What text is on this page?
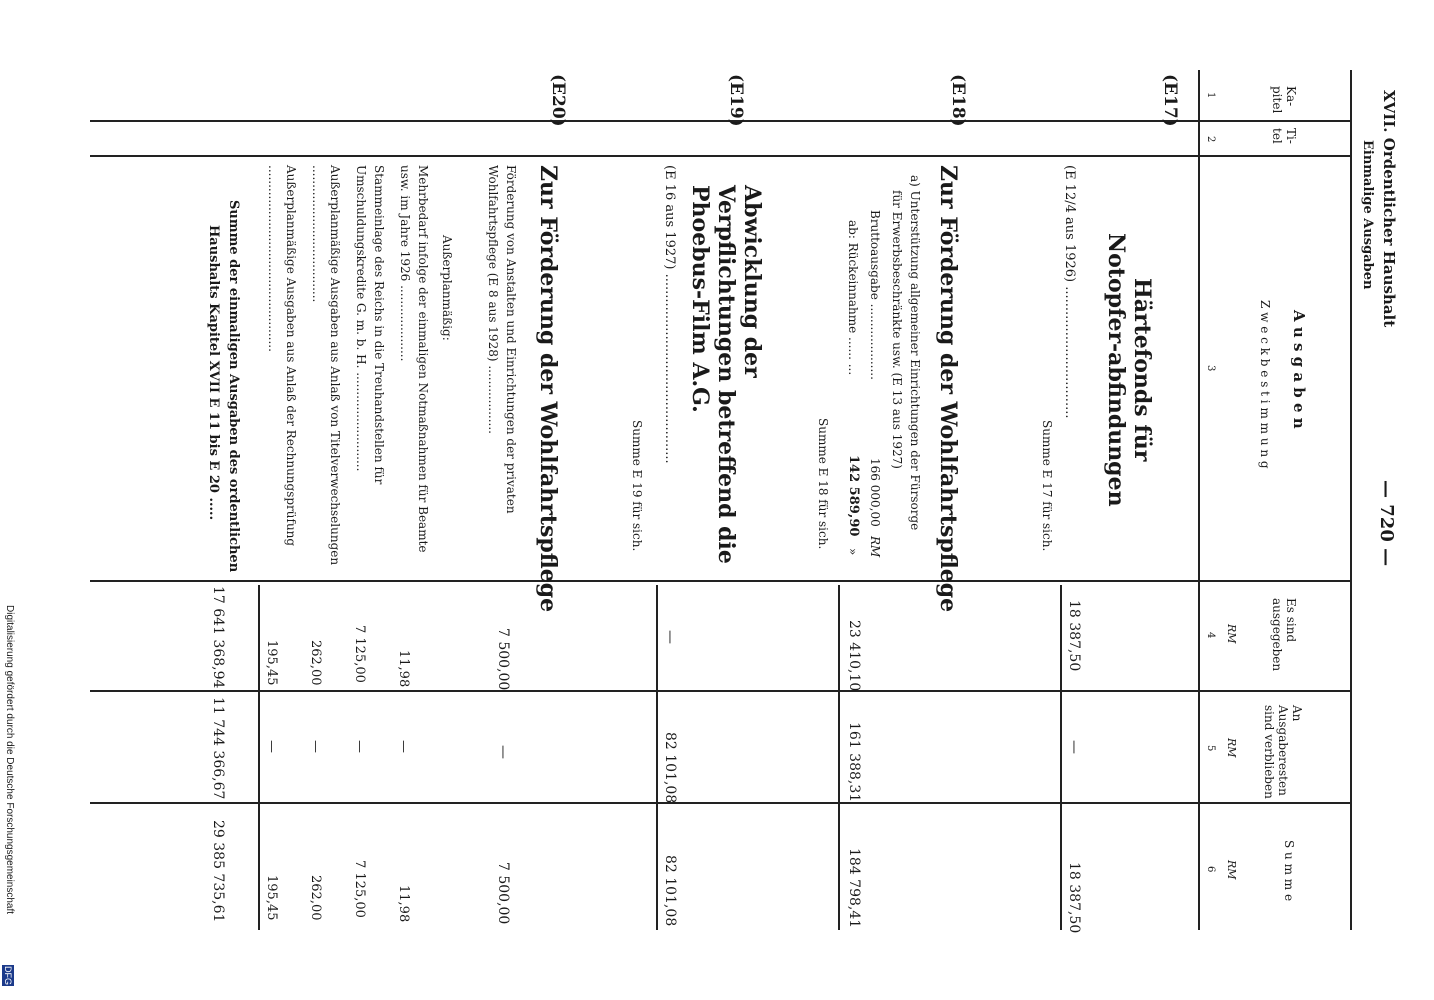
XVII. Ordentlicher Haushalt
Einmalige Ausgaben
— 720 —
Ka-
pitel
Ti-
tel
A u s g a b e n
Z w e c k b e s t i m m u n g
Es sind
ausgegeben
An
Ausgaberesten
sind verblieben
S u m m e
RM
RM
RM
1
2
3
4
5
6
(E17)
Härtefonds für Notopfer-abfindungen
(E 12/4 aus 1926) ................................
Summe E 17 für sich.
18 387,50
—
18 387,50
(E18)
Zur Förderung der Wohlfahrtspflege
a) Unterstützung allgemeiner Einrichtungen der Fürsorge
für Erwerbsbeschränkte usw. (E 13 aus 1927)
Bruttoausgabe ....................
166 000,00
RM
ab: Rückeinnahme ...... ...
142 589,90
»
Summe E 18 für sich.
23 410,10
161 388,31
184 798,41
(E19)
Abwicklung der Verpflichtungen betreffend die Phoebus-Film A.G.
(E 16 aus 1927) ..............................................
Summe E 19 für sich.
—
82 101,08
82 101,08
(E20)
Zur Förderung der Wohlfahrtspflege
Förderung von Anstalten und Einrichtungen der privaten
Wohlfahrtspflege (E 8 aus 1928) ..................
7 500,00
—
7 500,00
Außerplanmäßig:
Mehrbedarf infolge der einmaligen Notmaßnahmen für Beamte usw. im Jahre 1926 ....................
11,98
—
11,98
Stammeinlage des Reichs in die Treuhandstellen für Umschuldungskredite G. m. b. H. ..........................
7 125,00
—
7 125,00
Außerplanmäßige Ausgaben aus Anlaß von Titelverwechselungen ....................................
262,00
—
262,00
Außerplanmäßige Ausgaben aus Anlaß der Rechnungsprüfung .................................................
195,45
—
195,45
Summe der einmaligen Ausgaben des ordentlichen
Haushalts Kapitel XVII E 11 bis E 20 .....
17 641 368,94
11 744 366,67
29 385 735,61
Digitalisierung gefördert durch die Deutsche Forschungsgemeinschaft
DFG
